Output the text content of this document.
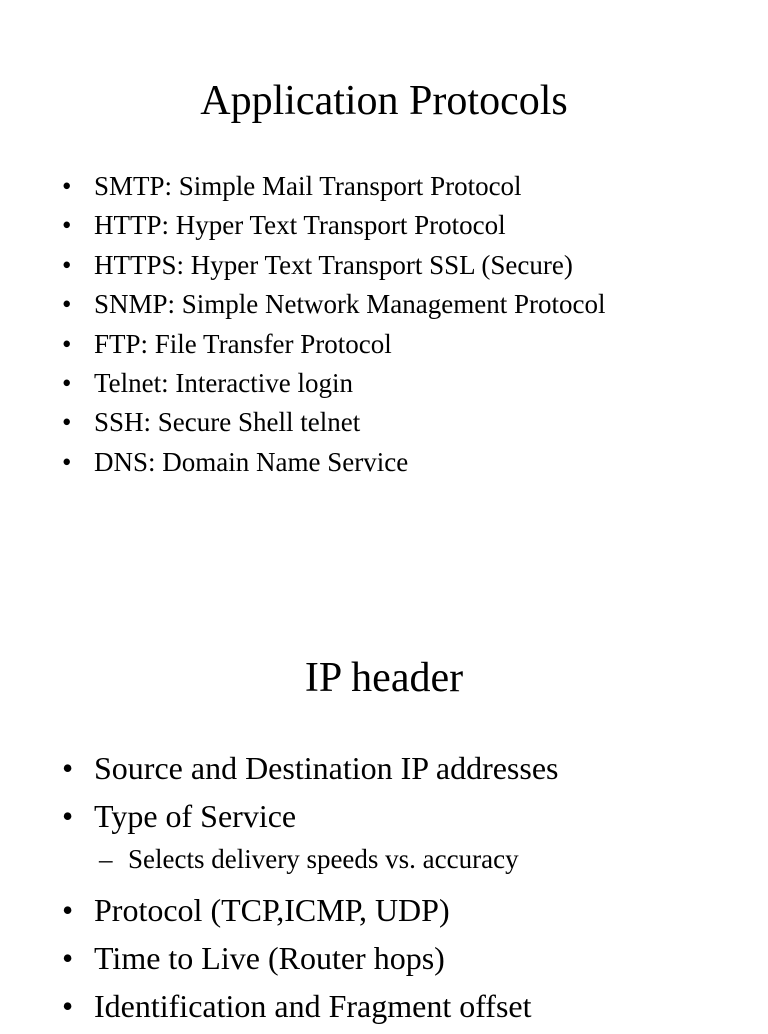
Application Protocols
• SMTP: Simple Mail Transport Protocol
• HTTP: Hyper Text Transport Protocol
• HTTPS: Hyper Text Transport SSL (Secure)
• SNMP: Simple Network Management Protocol
• FTP: File Transfer Protocol
• Telnet: Interactive login
• SSH: Secure Shell telnet
• DNS: Domain Name Service
IP header
• Source and Destination IP addresses
• Type of Service
– Selects delivery speeds vs. accuracy
• Protocol (TCP,ICMP, UDP)
• Time to Live (Router hops)
• Identification and Fragment offset
